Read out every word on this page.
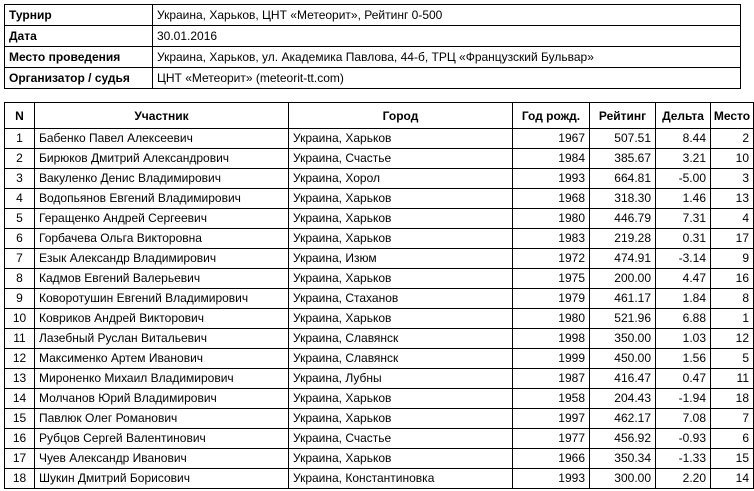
Турнир	Украина, Харьков, ЦНТ «Метеорит», Рейтинг 0-500
Дата	30.01.2016
Место проведения	Украина, Харьков, ул. Академика Павлова, 44-б, ТРЦ «Французский Бульвар»
Организатор / судья	ЦНТ «Метеорит» (meteorit-tt.com)
N	Участник	Город	Год рожд.	Рейтинг	Дельта	Место
1	Бабенко Павел Алексеевич	Украина, Харьков	1967	507.51	8.44	2
2	Бирюков Дмитрий Александрович	Украина, Счастье	1984	385.67	3.21	10
3	Вакуленко Денис Владимирович	Украина, Хорол	1993	664.81	-5.00	3
4	Водопьянов Евгений Владимирович	Украина, Харьков	1968	318.30	1.46	13
5	Геращенко Андрей Сергеевич	Украина, Харьков	1980	446.79	7.31	4
6	Горбачева Ольга Викторовна	Украина, Харьков	1983	219.28	0.31	17
7	Езык Александр Владимирович	Украина, Изюм	1972	474.91	-3.14	9
8	Кадмов Евгений Валерьевич	Украина, Харьков	1975	200.00	4.47	16
9	Коворотушин Евгений Владимирович	Украина, Стаханов	1979	461.17	1.84	8
10	Ковриков Андрей Викторович	Украина, Харьков	1980	521.96	6.88	1
11	Лазебный Руслан Витальевич	Украина, Славянск	1998	350.00	1.03	12
12	Максименко Артем Иванович	Украина, Славянск	1999	450.00	1.56	5
13	Мироненко Михаил Владимирович	Украина, Лубны	1987	416.47	0.47	11
14	Молчанов Юрий Владимирович	Украина, Харьков	1958	204.43	-1.94	18
15	Павлюк Олег Романович	Украина, Харьков	1997	462.17	7.08	7
16	Рубцов Сергей Валентинович	Украина, Счастье	1977	456.92	-0.93	6
17	Чуев Александр Иванович	Украина, Харьков	1966	350.34	-1.33	15
18	Шукин Дмитрий Борисович	Украина, Константиновка	1993	300.00	2.20	14
